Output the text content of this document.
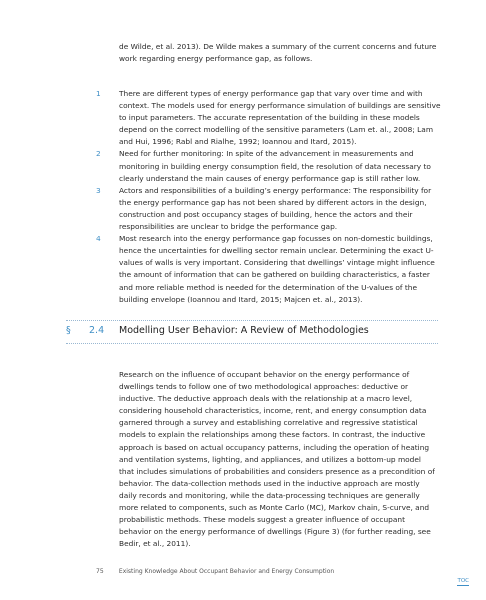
de Wilde, et al. 2013). De Wilde makes a summary of the current concerns and future work regarding energy performance gap, as follows.

1 There are different types of energy performance gap that vary over time and with context. The models used for energy performance simulation of buildings are sensitive to input parameters. The accurate representation of the building in these models depend on the correct modelling of the sensitive parameters (Lam et. al., 2008; Lam and Hui, 1996; Rabl and Rialhe, 1992; Ioannou and Itard, 2015).
2 Need for further monitoring: In spite of the advancement in measurements and monitoring in building energy consumption field, the resolution of data necessary to clearly understand the main causes of energy performance gap is still rather low.
3 Actors and responsibilities of a building’s energy performance: The responsibility for the energy performance gap has not been shared by different actors in the design, construction and post occupancy stages of building, hence the actors and their responsibilities are unclear to bridge the performance gap.
4 Most research into the energy performance gap focusses on non-domestic buildings, hence the uncertainties for dwelling sector remain unclear. Determining the exact U-values of walls is very important. Considering that dwellings’ vintage might influence the amount of information that can be gathered on building characteristics, a faster and more reliable method is needed for the determination of the U-values of the building envelope (Ioannou and Itard, 2015; Majcen et. al., 2013).
§ 2.4 Modelling User Behavior: A Review of Methodologies

Research on the influence of occupant behavior on the energy performance of dwellings tends to follow one of two methodological approaches: deductive or inductive. The deductive approach deals with the relationship at a macro level, considering household characteristics, income, rent, and energy consumption data garnered through a survey and establishing correlative and regressive statistical models to explain the relationships among these factors. In contrast, the inductive approach is based on actual occupancy patterns, including the operation of heating and ventilation systems, lighting, and appliances, and utilizes a bottom-up model that includes simulations of probabilities and considers presence as a precondition of behavior. The data-collection methods used in the inductive approach are mostly daily records and monitoring, while the data-processing techniques are generally more related to components, such as Monte Carlo (MC), Markov chain, S-curve, and probabilistic methods. These models suggest a greater influence of occupant behavior on the energy performance of dwellings (Figure 3) (for further reading, see Bedir, et al., 2011).

75	Existing Knowledge About Occupant Behavior and Energy Consumption
TOC
